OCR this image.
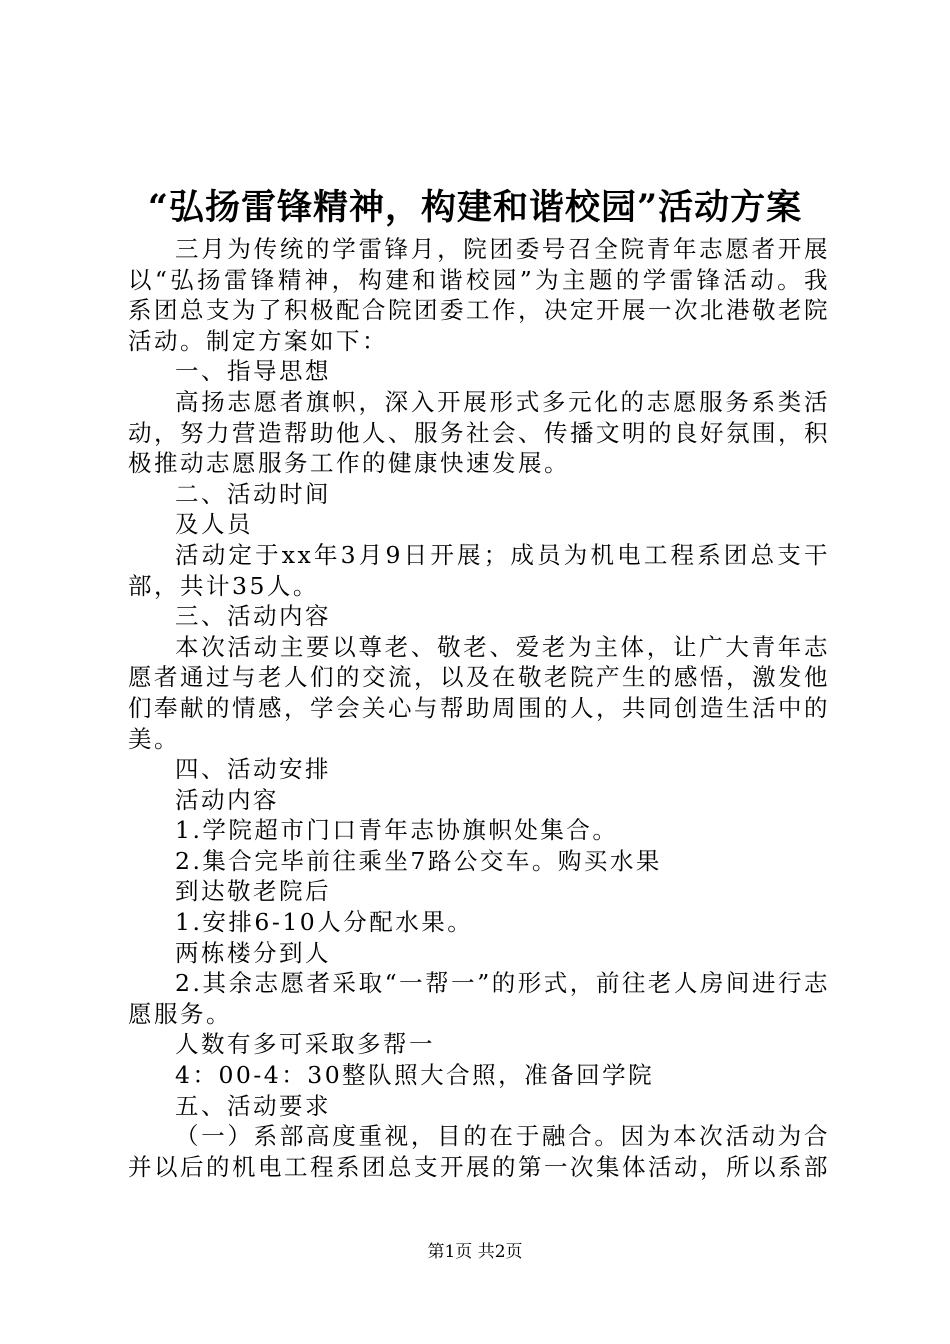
“弘扬雷锋精神，构建和谐校园”活动方案

三月为传统的学雷锋月，院团委号召全院青年志愿者开展以“弘扬雷锋精神，构建和谐校园”为主题的学雷锋活动。我系团总支为了积极配合院团委工作，决定开展一次北港敬老院活动。制定方案如下：

一、指导思想

高扬志愿者旗帜，深入开展形式多元化的志愿服务系类活动，努力营造帮助他人、服务社会、传播文明的良好氛围，积极推动志愿服务工作的健康快速发展。

二、活动时间

及人员

活动定于xx年3月9日开展；成员为机电工程系团总支干部，共计35人。

三、活动内容

本次活动主要以尊老、敬老、爱老为主体，让广大青年志愿者通过与老人们的交流，以及在敬老院产生的感悟，激发他们奉献的情感，学会关心与帮助周围的人，共同创造生活中的美。

四、活动安排

活动内容

1.学院超市门口青年志协旗帜处集合。

2.集合完毕前往乘坐7路公交车。购买水果

到达敬老院后

1.安排6-10人分配水果。

两栋楼分到人

2.其余志愿者采取“一帮一”的形式，前往老人房间进行志愿服务。

人数有多可采取多帮一

4：00-4：30整队照大合照，准备回学院

五、活动要求

（一）系部高度重视，目的在于融合。因为本次活动为合并以后的机电工程系团总支开展的第一次集体活动，所以系部

第1页 共2页
